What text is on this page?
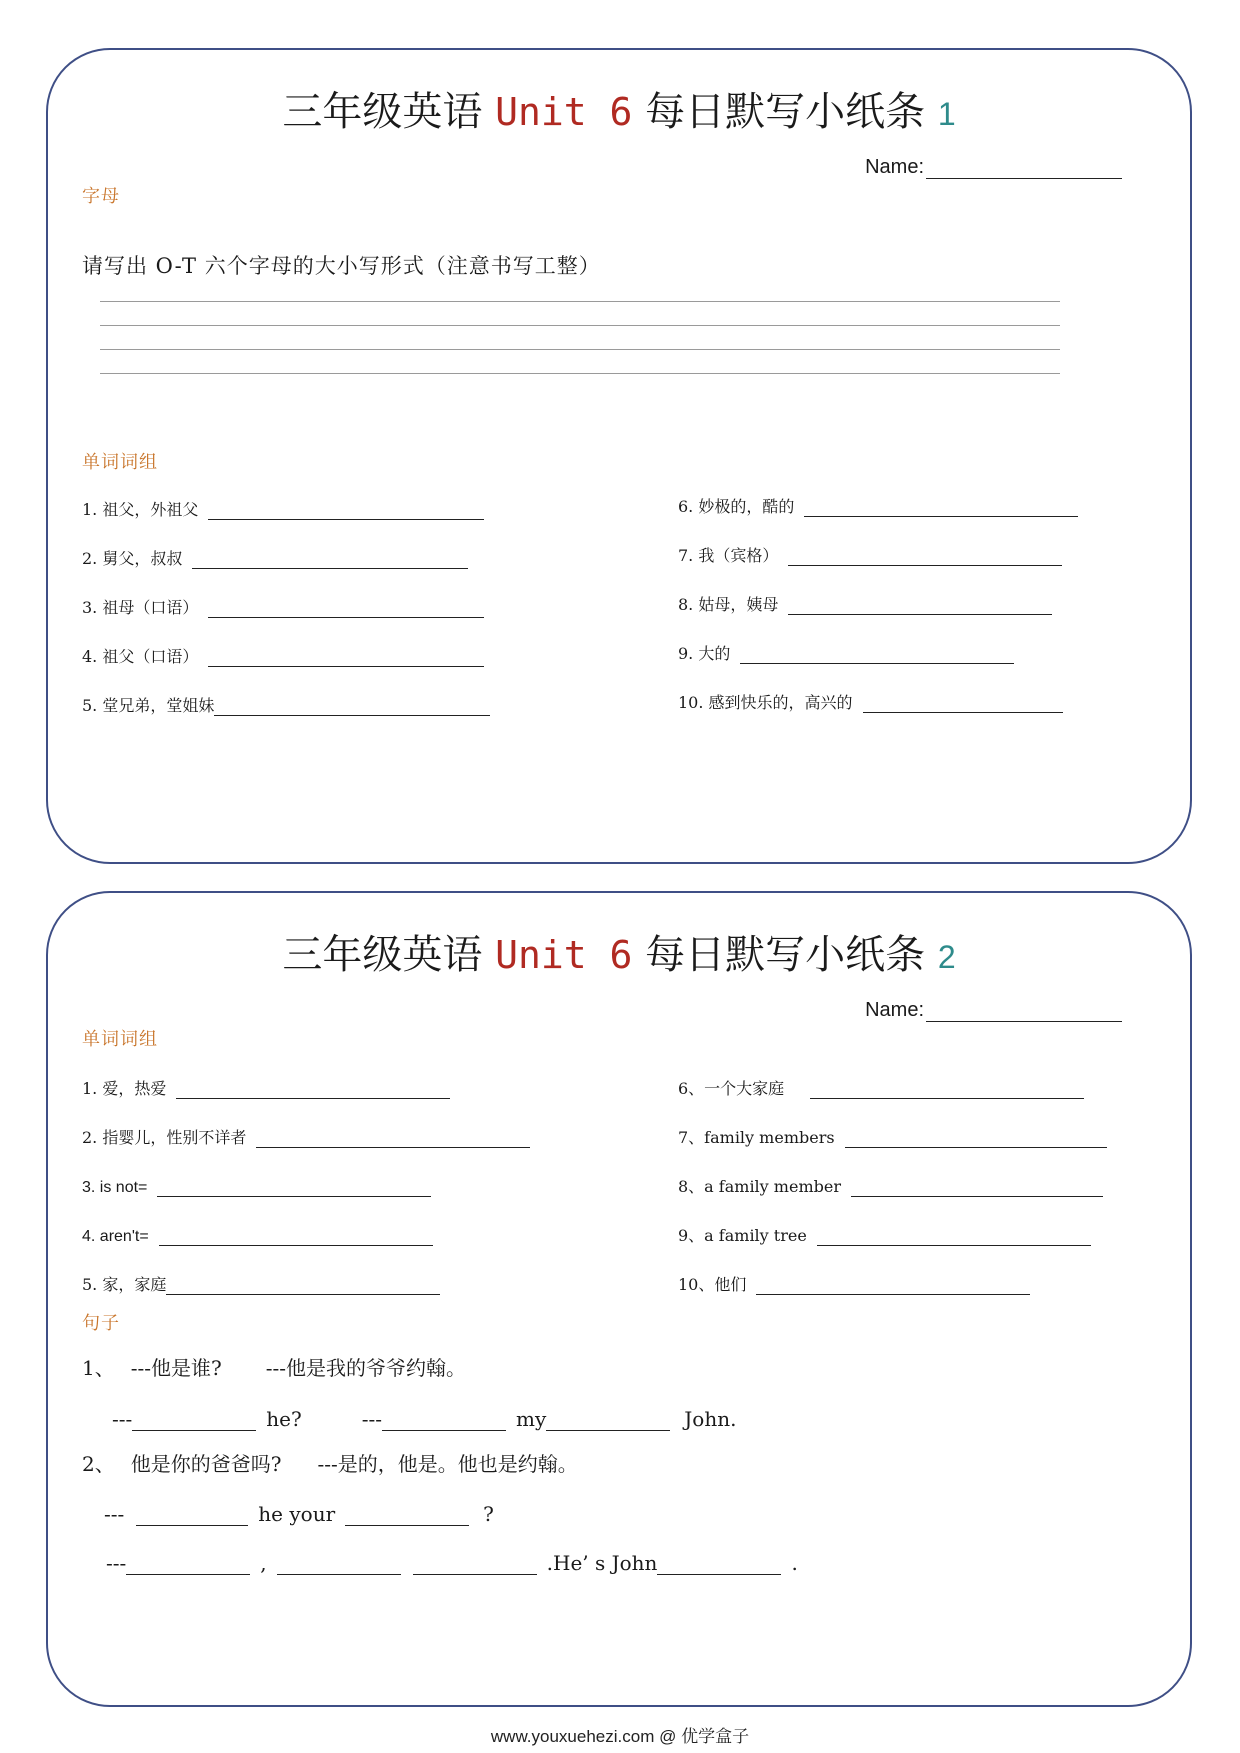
三年级英语 Unit 6 每日默写小纸条 1
Name:
字母
请写出 O-T 六个字母的大小写形式（注意书写工整）
单词词组
1. 祖父，外祖父
2. 舅父，叔叔
3. 祖母（口语）
4. 祖父（口语）
5. 堂兄弟，堂姐妹
6. 妙极的，酷的
7. 我（宾格）
8. 姑母，姨母
9. 大的
10. 感到快乐的，高兴的
三年级英语 Unit 6 每日默写小纸条 2
Name:
单词词组
1. 爱，热爱
2. 指婴儿，性别不详者
3. is not=
4. aren't=
5. 家，家庭
6、一个大家庭
7、family members
8、a family member
9、a family tree
10、他们
句子
1、 ---他是谁? ---他是我的爷爷约翰。
---	he?	---	my	John.
2、 他是你的爸爸吗? ---是的，他是。他也是约翰。
---	he your	?
---	,	.He’ s John	.
www.youxuehezi.com @ 优学盒子
